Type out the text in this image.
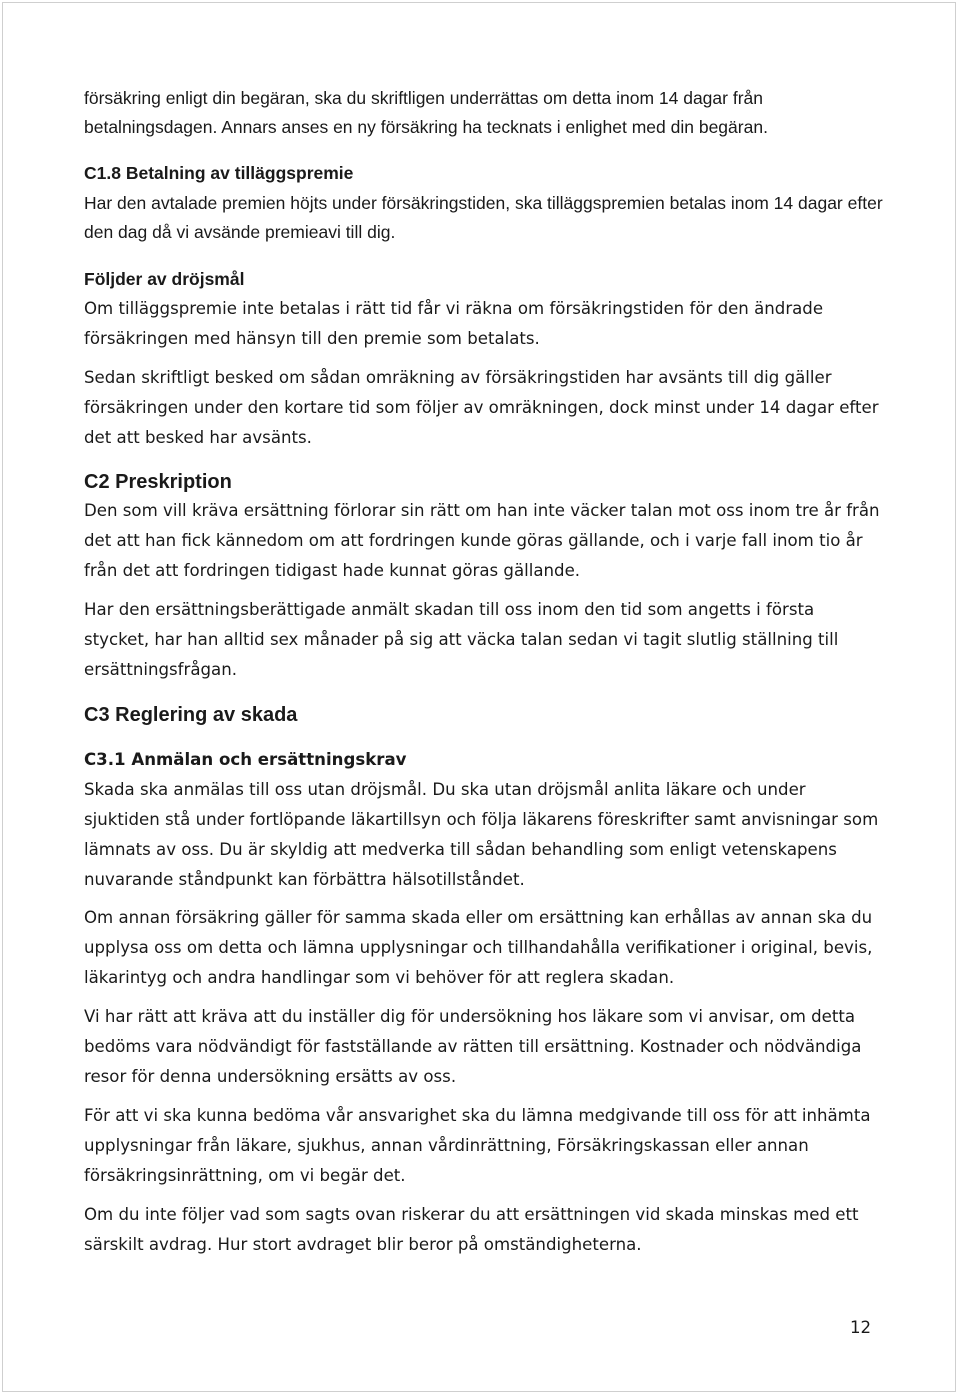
försäkring enligt din begäran, ska du skriftligen underrättas om detta inom 14 dagar från betalningsdagen. Annars anses en ny försäkring ha tecknats i enlighet med din begäran.

C1.8 Betalning av tilläggspremie

Har den avtalade premien höjts under försäkringstiden, ska tilläggspremien betalas inom 14 dagar efter den dag då vi avsände premieavi till dig.

Följder av dröjsmål

Om tilläggspremie inte betalas i rätt tid får vi räkna om försäkringstiden för den ändrade försäkringen med hänsyn till den premie som betalats.

Sedan skriftligt besked om sådan omräkning av försäkringstiden har avsänts till dig gäller försäkringen under den kortare tid som följer av omräkningen, dock minst under 14 dagar efter det att besked har avsänts.

C2 Preskription

Den som vill kräva ersättning förlorar sin rätt om han inte väcker talan mot oss inom tre år från det att han fick kännedom om att fordringen kunde göras gällande, och i varje fall inom tio år från det att fordringen tidigast hade kunnat göras gällande.

Har den ersättningsberättigade anmält skadan till oss inom den tid som angetts i första stycket, har han alltid sex månader på sig att väcka talan sedan vi tagit slutlig ställning till ersättningsfrågan.

C3 Reglering av skada

C3.1 Anmälan och ersättningskrav

Skada ska anmälas till oss utan dröjsmål. Du ska utan dröjsmål anlita läkare och under sjuktiden stå under fortlöpande läkartillsyn och följa läkarens föreskrifter samt anvisningar som lämnats av oss. Du är skyldig att medverka till sådan behandling som enligt vetenskapens nuvarande ståndpunkt kan förbättra hälsotillståndet.

Om annan försäkring gäller för samma skada eller om ersättning kan erhållas av annan ska du upplysa oss om detta och lämna upplysningar och tillhandahålla verifikationer i original, bevis, läkarintyg och andra handlingar som vi behöver för att reglera skadan.

Vi har rätt att kräva att du inställer dig för undersökning hos läkare som vi anvisar, om detta bedöms vara nödvändigt för fastställande av rätten till ersättning. Kostnader och nödvändiga resor för denna undersökning ersätts av oss.

För att vi ska kunna bedöma vår ansvarighet ska du lämna medgivande till oss för att inhämta upplysningar från läkare, sjukhus, annan vårdinrättning, Försäkringskassan eller annan försäkringsinrättning, om vi begär det.

Om du inte följer vad som sagts ovan riskerar du att ersättningen vid skada minskas med ett särskilt avdrag. Hur stort avdraget blir beror på omständigheterna.

12
